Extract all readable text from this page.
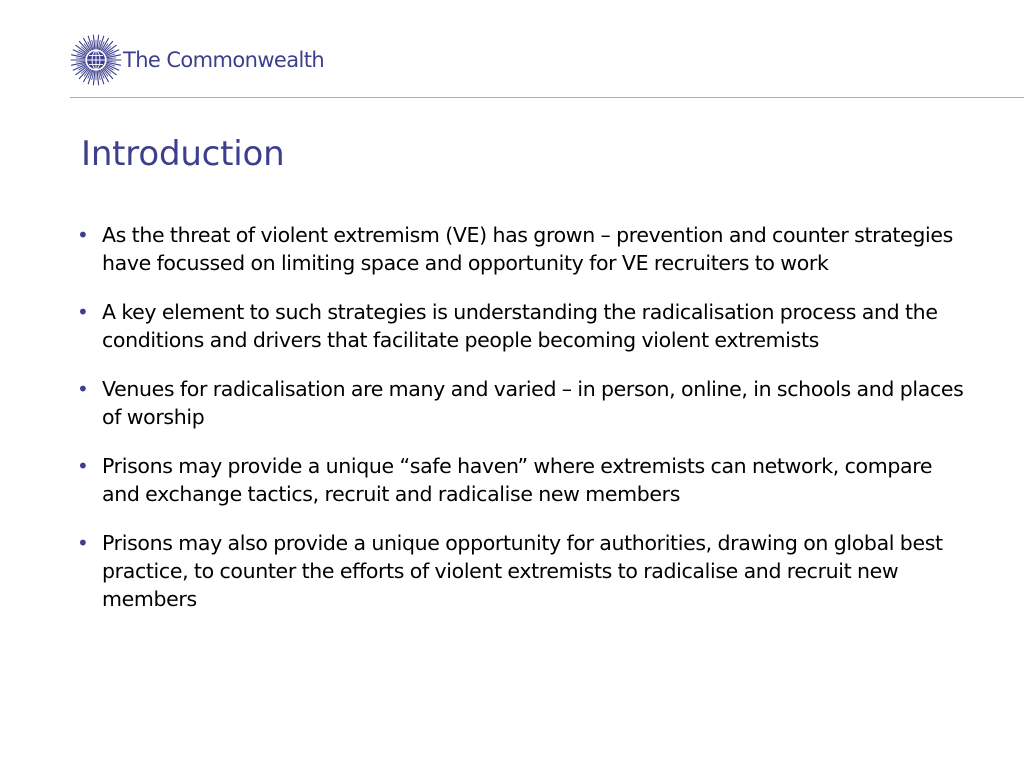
The Commonwealth
Introduction
• As the threat of violent extremism (VE) has grown – prevention and counter strategies have focussed on limiting space and opportunity for VE recruiters to work
• A key element to such strategies is understanding the radicalisation process and the conditions and drivers that facilitate people becoming violent extremists
• Venues for radicalisation are many and varied – in person, online, in schools and places of worship
• Prisons may provide a unique “safe haven” where extremists can network, compare and exchange tactics, recruit and radicalise new members
• Prisons may also provide a unique opportunity for authorities, drawing on global best practice, to counter the efforts of violent extremists to radicalise and recruit new members
